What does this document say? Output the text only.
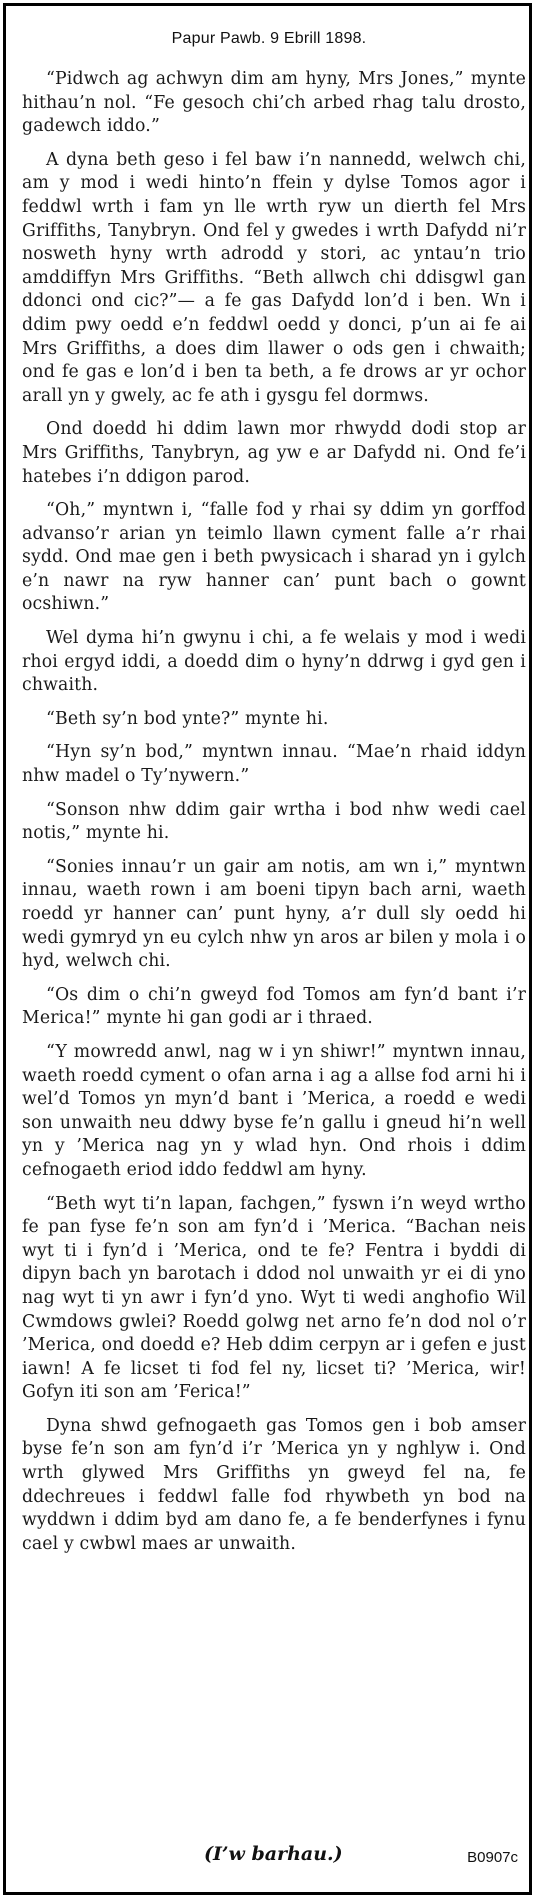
Papur Pawb. 9 Ebrill 1898.

“Pidwch ag achwyn dim am hyny, Mrs Jones,” mynte hithau’n nol. “Fe gesoch chi’ch arbed rhag talu drosto, gadewch iddo.”

A dyna beth geso i fel baw i’n nannedd, welwch chi, am y mod i wedi hinto’n ffein y dylse Tomos agor i feddwl wrth i fam yn lle wrth ryw un dierth fel Mrs Griffiths, Tanybryn. Ond fel y gwedes i wrth Dafydd ni’r nosweth hyny wrth adrodd y stori, ac yntau’n trio amddiffyn Mrs Griffiths. “Beth allwch chi ddisgwl gan ddonci ond cic?”— a fe gas Dafydd lon’d i ben. Wn i ddim pwy oedd e’n feddwl oedd y donci, p’un ai fe ai Mrs Griffiths, a does dim llawer o ods gen i chwaith; ond fe gas e lon’d i ben ta beth, a fe drows ar yr ochor arall yn y gwely, ac fe ath i gysgu fel dormws.

Ond doedd hi ddim lawn mor rhwydd dodi stop ar Mrs Griffiths, Tanybryn, ag yw e ar Dafydd ni. Ond fe’i hatebes i’n ddigon parod.

“Oh,” myntwn i, “falle fod y rhai sy ddim yn gorffod advanso’r arian yn teimlo llawn cyment falle a’r rhai sydd. Ond mae gen i beth pwysicach i sharad yn i gylch e’n nawr na ryw hanner can’ punt bach o gownt ocshiwn.”

Wel dyma hi’n gwynu i chi, a fe welais y mod i wedi rhoi ergyd iddi, a doedd dim o hyny’n ddrwg i gyd gen i chwaith.

“Beth sy’n bod ynte?” mynte hi.

“Hyn sy’n bod,” myntwn innau. “Mae’n rhaid iddyn nhw madel o Ty’nywern.”

“Sonson nhw ddim gair wrtha i bod nhw wedi cael notis,” mynte hi.

“Sonies innau’r un gair am notis, am wn i,” myntwn innau, waeth rown i am boeni tipyn bach arni, waeth roedd yr hanner can’ punt hyny, a’r dull sly oedd hi wedi gymryd yn eu cylch nhw yn aros ar bilen y mola i o hyd, welwch chi.

“Os dim o chi’n gweyd fod Tomos am fyn’d bant i’r Merica!” mynte hi gan godi ar i thraed.

“Y mowredd anwl, nag w i yn shiwr!” myntwn innau, waeth roedd cyment o ofan arna i ag a allse fod arni hi i wel’d Tomos yn myn’d bant i ’Merica, a roedd e wedi son unwaith neu ddwy byse fe’n gallu i gneud hi’n well yn y ’Merica nag yn y wlad hyn. Ond rhois i ddim cefnogaeth eriod iddo feddwl am hyny.

“Beth wyt ti’n lapan, fachgen,” fyswn i’n weyd wrtho fe pan fyse fe’n son am fyn’d i ’Merica. “Bachan neis wyt ti i fyn’d i ’Merica, ond te fe? Fentra i byddi di dipyn bach yn barotach i ddod nol unwaith yr ei di yno nag wyt ti yn awr i fyn’d yno. Wyt ti wedi anghofio Wil Cwmdows gwlei? Roedd golwg net arno fe’n dod nol o’r ’Merica, ond doedd e? Heb ddim cerpyn ar i gefen e just iawn! A fe licset ti fod fel ny, licset ti? ’Merica, wir! Gofyn iti son am ’Ferica!”

Dyna shwd gefnogaeth gas Tomos gen i bob amser byse fe’n son am fyn’d i’r ’Merica yn y nghlyw i. Ond wrth glywed Mrs Griffiths yn gweyd fel na, fe ddechreues i feddwl falle fod rhywbeth yn bod na wyddwn i ddim byd am dano fe, a fe benderfynes i fynu cael y cwbwl maes ar unwaith.

(I’w barhau.)	B0907c
